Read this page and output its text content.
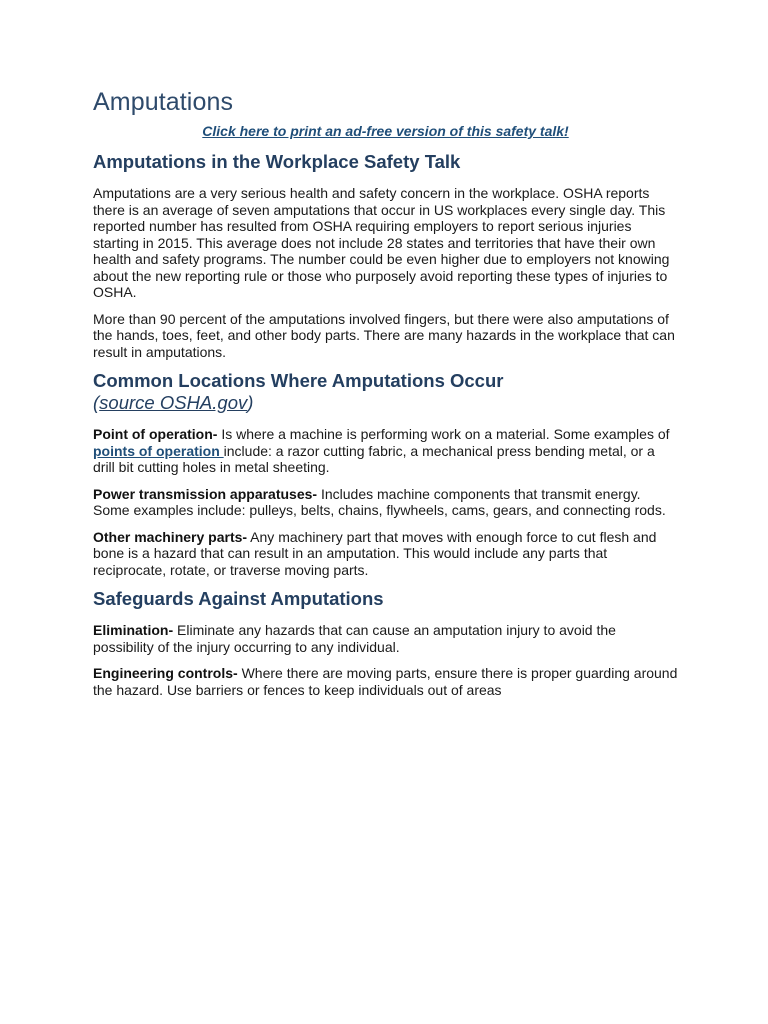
Amputations
Click here to print an ad-free version of this safety talk!
Amputations in the Workplace Safety Talk

Amputations are a very serious health and safety concern in the workplace. OSHA reports there is an average of seven amputations that occur in US workplaces every single day. This reported number has resulted from OSHA requiring employers to report serious injuries starting in 2015. This average does not include 28 states and territories that have their own health and safety programs. The number could be even higher due to employers not knowing about the new reporting rule or those who purposely avoid reporting these types of injuries to OSHA.

More than 90 percent of the amputations involved fingers, but there were also amputations of the hands, toes, feet, and other body parts. There are many hazards in the workplace that can result in amputations.

Common Locations Where Amputations Occur
(source OSHA.gov)

Point of operation- Is where a machine is performing work on a material. Some examples of points of operation include: a razor cutting fabric, a mechanical press bending metal, or a drill bit cutting holes in metal sheeting.

Power transmission apparatuses- Includes machine components that transmit energy. Some examples include: pulleys, belts, chains, flywheels, cams, gears, and connecting rods.

Other machinery parts- Any machinery part that moves with enough force to cut flesh and bone is a hazard that can result in an amputation. This would include any parts that reciprocate, rotate, or traverse moving parts.

Safeguards Against Amputations

Elimination- Eliminate any hazards that can cause an amputation injury to avoid the possibility of the injury occurring to any individual.

Engineering controls- Where there are moving parts, ensure there is proper guarding around the hazard. Use barriers or fences to keep individuals out of areas
